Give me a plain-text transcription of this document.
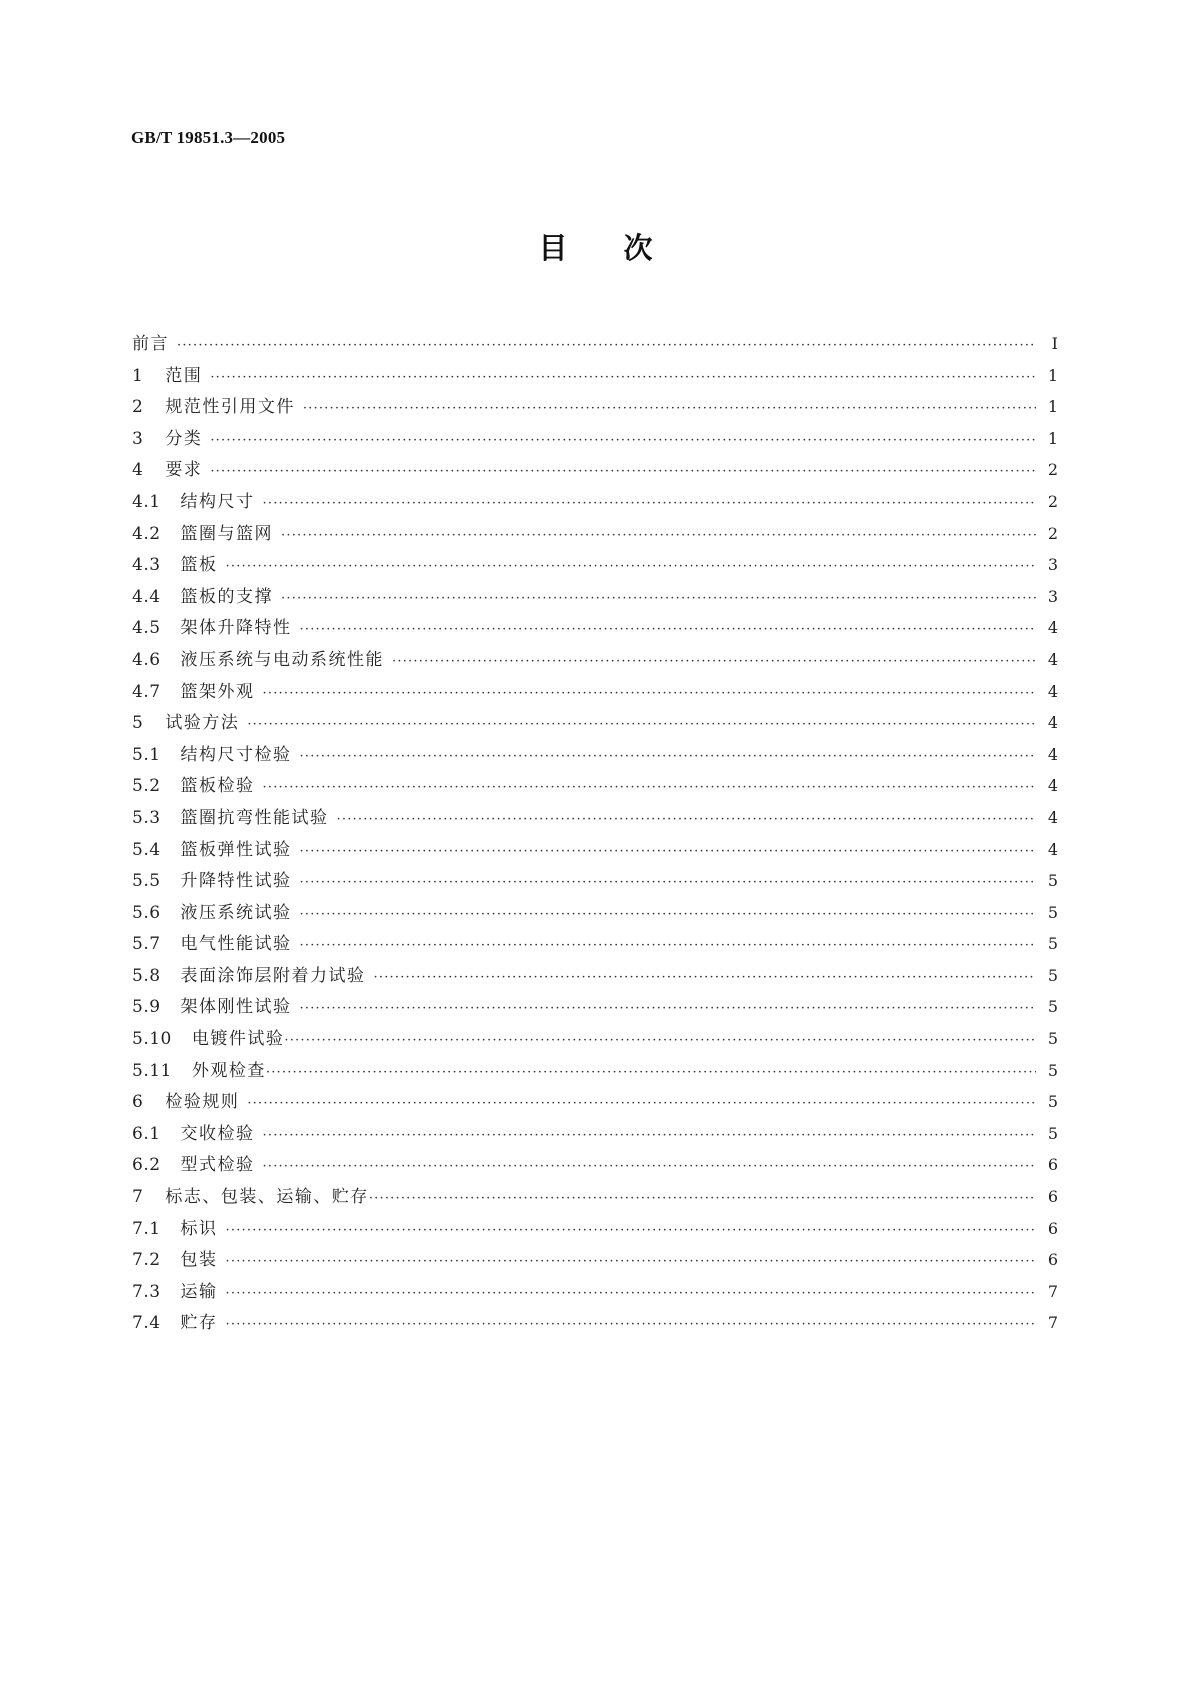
GB/T 19851.3—2005
目次
前言 ·····	I
1 范围 ·····	1
2 规范性引用文件 ·····	1
3 分类 ·····	1
4 要求 ·····	2
4.1 结构尺寸 ·····	2
4.2 篮圈与篮网 ·····	2
4.3 篮板 ·····	3
4.4 篮板的支撑 ·····	3
4.5 架体升降特性 ·····	4
4.6 液压系统与电动系统性能 ·····	4
4.7 篮架外观 ·····	4
5 试验方法 ·····	4
5.1 结构尺寸检验 ·····	4
5.2 篮板检验 ·····	4
5.3 篮圈抗弯性能试验 ·····	4
5.4 篮板弹性试验 ·····	4
5.5 升降特性试验 ·····	5
5.6 液压系统试验 ·····	5
5.7 电气性能试验 ·····	5
5.8 表面涂饰层附着力试验 ·····	5
5.9 架体刚性试验 ·····	5
5.10 电镀件试验 ·····	5
5.11 外观检查 ·····	5
6 检验规则 ·····	5
6.1 交收检验 ·····	5
6.2 型式检验 ·····	6
7 标志、包装、运输、贮存 ·····	6
7.1 标识 ·····	6
7.2 包装 ·····	6
7.3 运输 ·····	7
7.4 贮存 ·····	7
